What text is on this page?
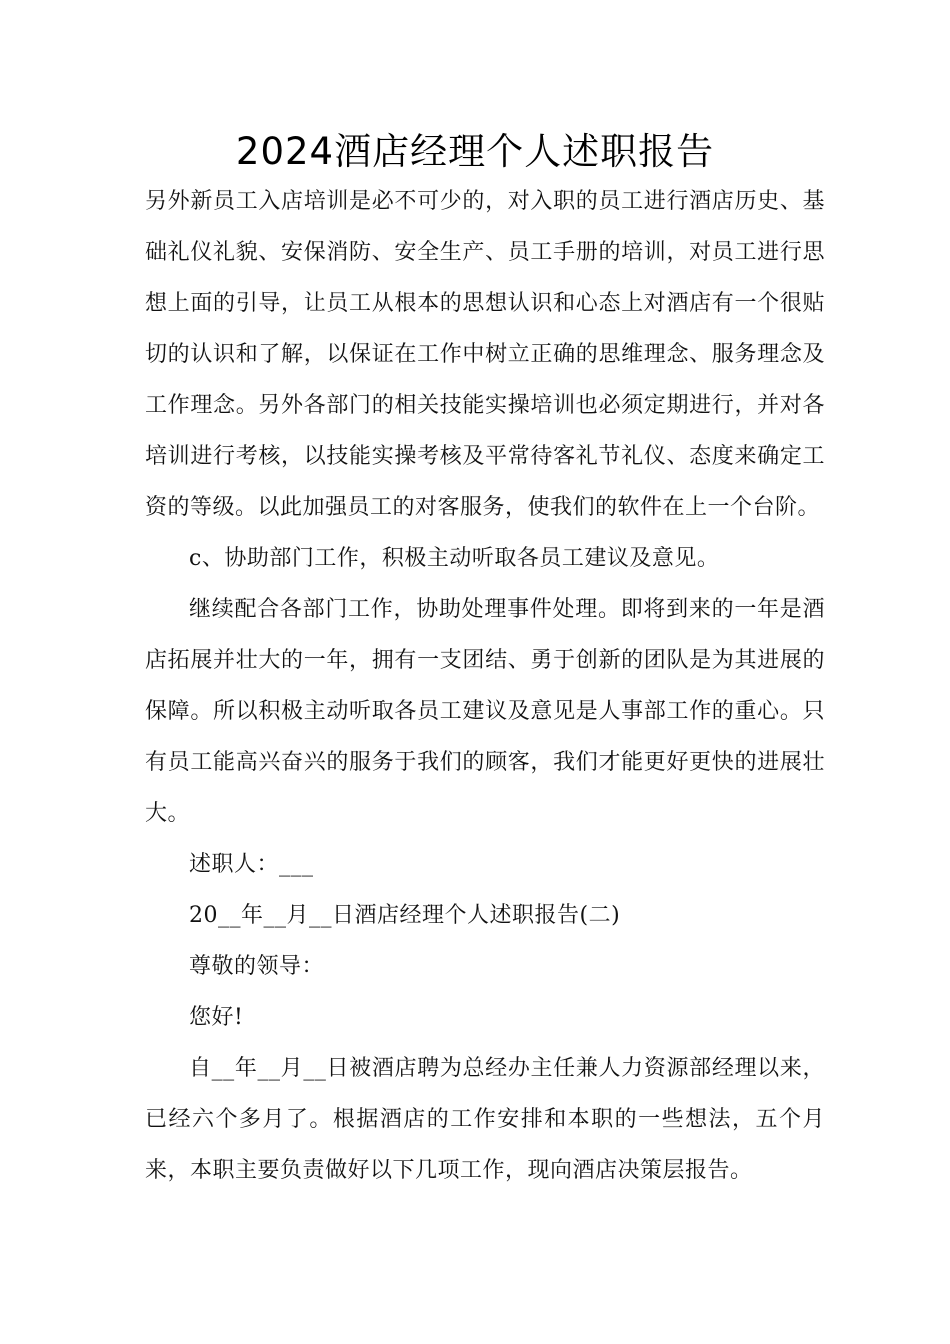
2024酒店经理个人述职报告

另外新员工入店培训是必不可少的，对入职的员工进行酒店历史、基础礼仪礼貌、安保消防、安全生产、员工手册的培训，对员工进行思想上面的引导，让员工从根本的思想认识和心态上对酒店有一个很贴切的认识和了解，以保证在工作中树立正确的思维理念、服务理念及工作理念。另外各部门的相关技能实操培训也必须定期进行，并对各培训进行考核，以技能实操考核及平常待客礼节礼仪、态度来确定工资的等级。以此加强员工的对客服务，使我们的软件在上一个台阶。

c、协助部门工作，积极主动听取各员工建议及意见。

继续配合各部门工作，协助处理事件处理。即将到来的一年是酒店拓展并壮大的一年，拥有一支团结、勇于创新的团队是为其进展的保障。所以积极主动听取各员工建议及意见是人事部工作的重心。只有员工能高兴奋兴的服务于我们的顾客，我们才能更好更快的进展壮大。

述职人：___

20__年__月__日酒店经理个人述职报告(二)

尊敬的领导：

您好!

自__年__月__日被酒店聘为总经办主任兼人力资源部经理以来，已经六个多月了。根据酒店的工作安排和本职的一些想法，五个月来，本职主要负责做好以下几项工作，现向酒店决策层报告。
